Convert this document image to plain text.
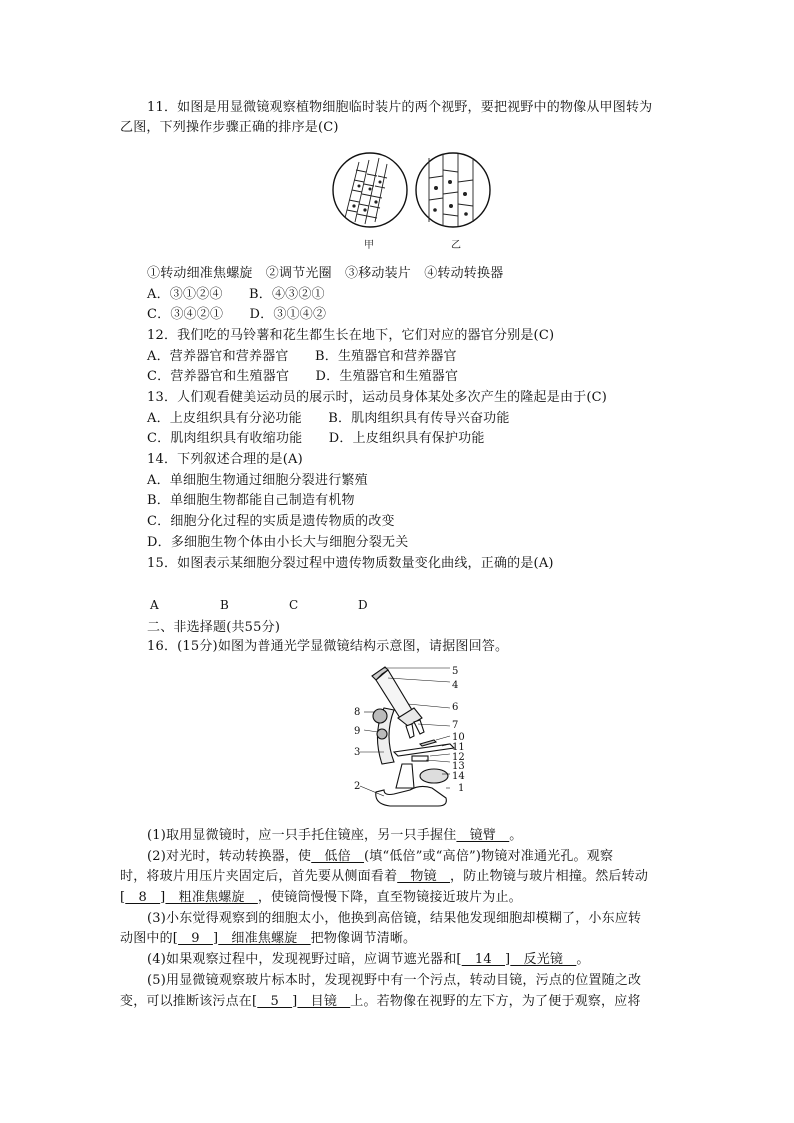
11．如图是用显微镜观察植物细胞临时装片的两个视野，要把视野中的物像从甲图转为
乙图，下列操作步骤正确的排序是(C)
甲	乙
①转动细准焦螺旋　②调节光圈　③移动装片　④转动转换器
A．③①②④　　B．④③②①
C．③④②①　　D．③①④②
12．我们吃的马铃薯和花生都生长在地下，它们对应的器官分别是(C)
A．营养器官和营养器官　　B．生殖器官和营养器官
C．营养器官和生殖器官　　D．生殖器官和生殖器官
13．人们观看健美运动员的展示时，运动员身体某处多次产生的隆起是由于(C)
A．上皮组织具有分泌功能　　B．肌肉组织具有传导兴奋功能
C．肌肉组织具有收缩功能　　D．上皮组织具有保护功能
14．下列叙述合理的是(A)
A．单细胞生物通过细胞分裂进行繁殖
B．单细胞生物都能自己制造有机物
C．细胞分化过程的实质是遗传物质的改变
D．多细胞生物个体由小长大与细胞分裂无关
15．如图表示某细胞分裂过程中遗传物质数量变化曲线，正确的是(A)
A	B	C	D
二、非选择题(共55分)
16．(15分)如图为普通光学显微镜结构示意图，请据图回答。
5
4
6
7
10
11
12
13
14
1
8
9
3
2
(1)取用显微镜时，应一只手托住镜座，另一只手握住　镜臂　。
(2)对光时，转动转换器，使　低倍　(填“低倍”或“高倍”)物镜对准通光孔。观察
时，将玻片用压片夹固定后，首先要从侧面看着　物镜　，防止物镜与玻片相撞。然后转动
[　8　]　粗准焦螺旋　，使镜筒慢慢下降，直至物镜接近玻片为止。
(3)小东觉得观察到的细胞太小，他换到高倍镜，结果他发现细胞却模糊了，小东应转
动图中的[　9　]　细准焦螺旋　把物像调节清晰。
(4)如果观察过程中，发现视野过暗，应调节遮光器和[　14　]　反光镜　。
(5)用显微镜观察玻片标本时，发现视野中有一个污点，转动目镜，污点的位置随之改
变，可以推断该污点在[　5　]　目镜　上。若物像在视野的左下方，为了便于观察，应将
